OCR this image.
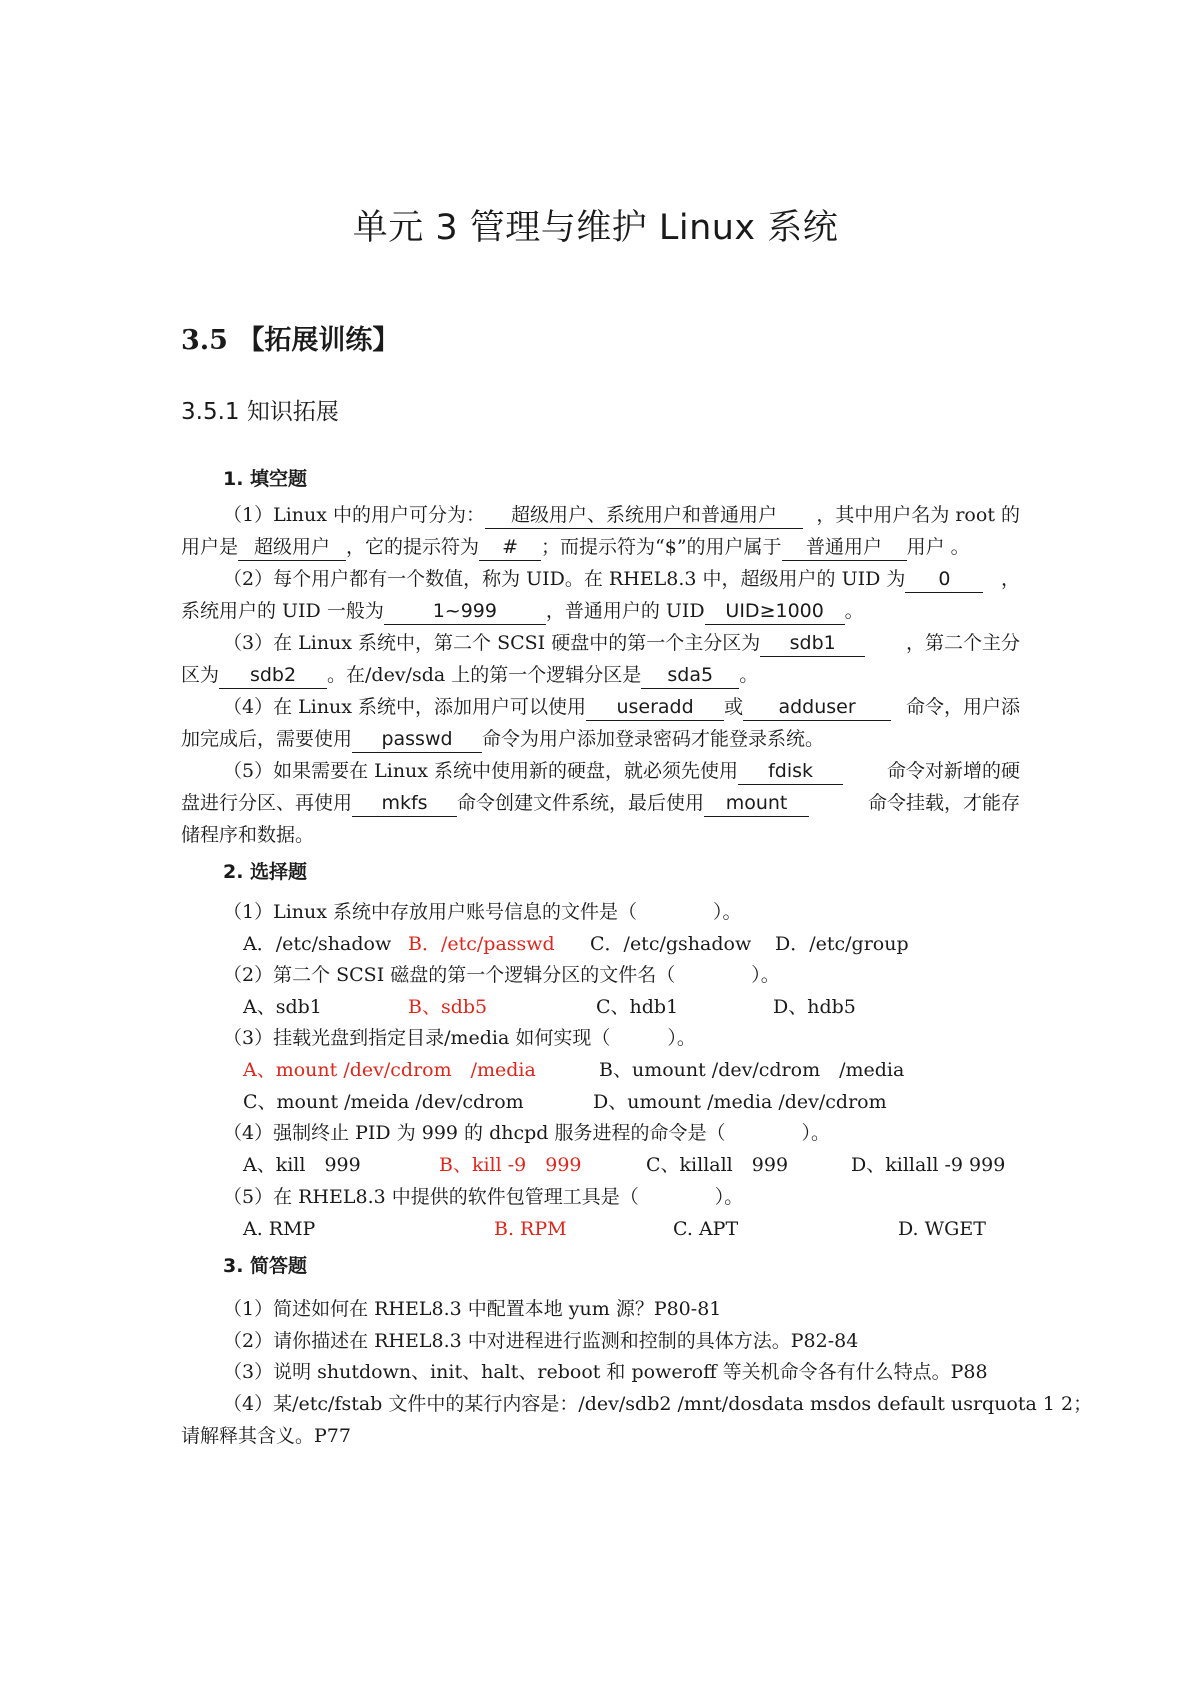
单元 3 管理与维护 Linux 系统
3.5 【拓展训练】
3.5.1 知识拓展
1. 填空题
（1）Linux 中的用户可分为： 超级用户、系统用户和普通用户	，其中用户名为 root 的
用户是 超级用户 ，它的提示符为 # ；而提示符为“$”的用户属于 普通用户 用户 。
（2）每个用户都有一个数值，称为 UID。在 RHEL8.3 中，超级用户的 UID 为 0	，
系统用户的 UID 一般为	1~999	，普通用户的 UID UID≥1000 。
（3）在 Linux 系统中，第二个 SCSI 硬盘中的第一个主分区为 sdb1	，第二个主分
区为 sdb2 。在/dev/sda 上的第一个逻辑分区是 sda5 。
（4）在 Linux 系统中，添加用户可以使用 useradd 或 adduser	命令，用户添
加完成后，需要使用 passwd 命令为用户添加登录密码才能登录系统。
（5）如果需要在 Linux 系统中使用新的硬盘，就必须先使用 fdisk	命令对新增的硬
盘进行分区、再使用 mkfs 命令创建文件系统，最后使用 mount	命令挂载，才能存
储程序和数据。
2. 选择题
（1）Linux 系统中存放用户账号信息的文件是（　　　　）。
A．/etc/shadow B．/etc/passwd C．/etc/gshadow D．/etc/group
（2）第二个 SCSI 磁盘的第一个逻辑分区的文件名（　　　　）。
A、sdb1	B、sdb5	C、hdb1	D、hdb5
（3）挂载光盘到指定目录/media 如何实现（　　　）。
A、mount /dev/cdrom　/media	B、umount /dev/cdrom　/media
C、mount /meida /dev/cdrom	D、umount /media /dev/cdrom
（4）强制终止 PID 为 999 的 dhcpd 服务进程的命令是（　　　　）。
A、kill　999	B、kill -9　999	C、killall　999	D、killall -9 999
（5）在 RHEL8.3 中提供的软件包管理工具是（　　　　）。
A. RMP	B. RPM	C. APT	D. WGET
3. 简答题
（1）简述如何在 RHEL8.3 中配置本地 yum 源？P80-81
（2）请你描述在 RHEL8.3 中对进程进行监测和控制的具体方法。P82-84
（3）说明 shutdown、init、halt、reboot 和 poweroff 等关机命令各有什么特点。P88
（4）某/etc/fstab 文件中的某行内容是：/dev/sdb2 /mnt/dosdata msdos default usrquota 1 2；
请解释其含义。P77
